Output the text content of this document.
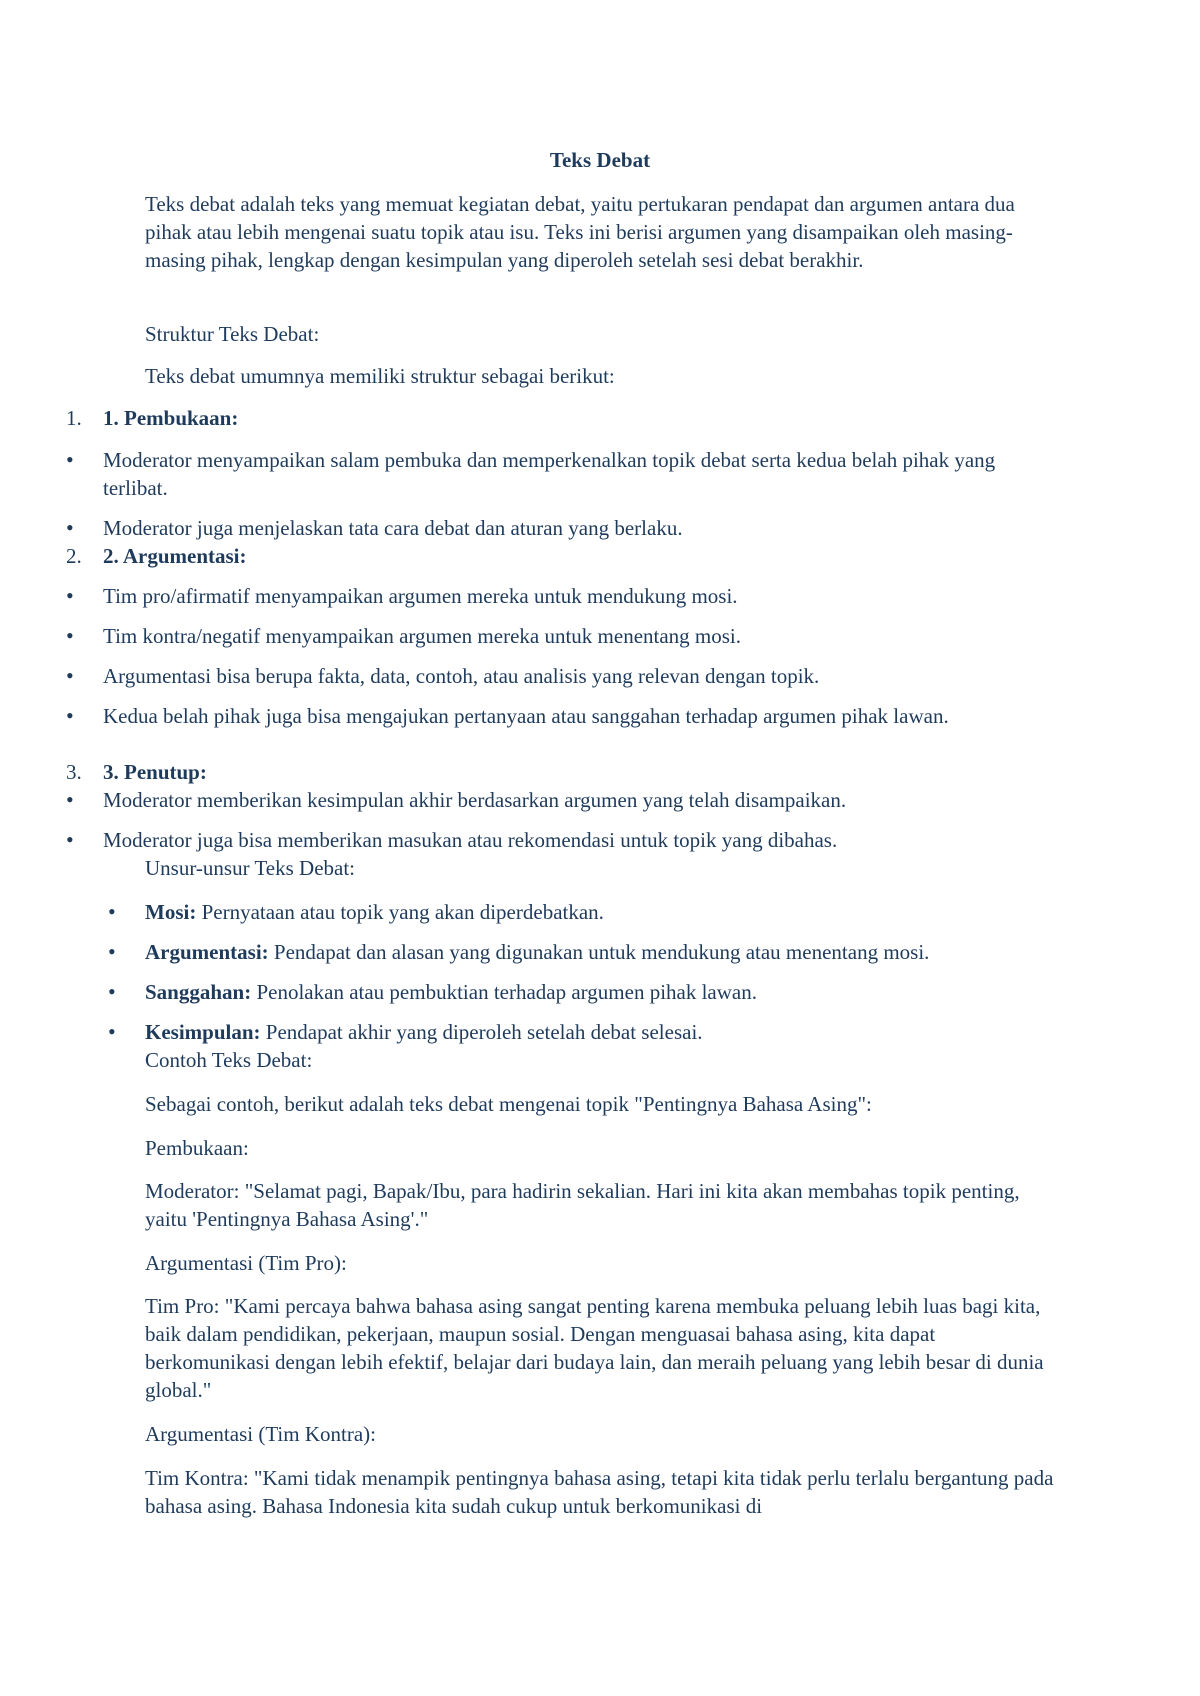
Teks Debat

Teks debat adalah teks yang memuat kegiatan debat, yaitu pertukaran pendapat dan argumen antara dua pihak atau lebih mengenai suatu topik atau isu. Teks ini berisi argumen yang disampaikan oleh masing-masing pihak, lengkap dengan kesimpulan yang diperoleh setelah sesi debat berakhir.

Struktur Teks Debat:

Teks debat umumnya memiliki struktur sebagai berikut:

1. 1. Pembukaan:
• Moderator menyampaikan salam pembuka dan memperkenalkan topik debat serta kedua belah pihak yang terlibat.
• Moderator juga menjelaskan tata cara debat dan aturan yang berlaku.
2. 2. Argumentasi:
• Tim pro/afirmatif menyampaikan argumen mereka untuk mendukung mosi.
• Tim kontra/negatif menyampaikan argumen mereka untuk menentang mosi.
• Argumentasi bisa berupa fakta, data, contoh, atau analisis yang relevan dengan topik.
• Kedua belah pihak juga bisa mengajukan pertanyaan atau sanggahan terhadap argumen pihak lawan.
3. 3. Penutup:
• Moderator memberikan kesimpulan akhir berdasarkan argumen yang telah disampaikan.
• Moderator juga bisa memberikan masukan atau rekomendasi untuk topik yang dibahas.

Unsur-unsur Teks Debat:

• Mosi: Pernyataan atau topik yang akan diperdebatkan.
• Argumentasi: Pendapat dan alasan yang digunakan untuk mendukung atau menentang mosi.
• Sanggahan: Penolakan atau pembuktian terhadap argumen pihak lawan.
• Kesimpulan: Pendapat akhir yang diperoleh setelah debat selesai.

Contoh Teks Debat:

Sebagai contoh, berikut adalah teks debat mengenai topik "Pentingnya Bahasa Asing":

Pembukaan:

Moderator: "Selamat pagi, Bapak/Ibu, para hadirin sekalian. Hari ini kita akan membahas topik penting, yaitu 'Pentingnya Bahasa Asing'."

Argumentasi (Tim Pro):

Tim Pro: "Kami percaya bahwa bahasa asing sangat penting karena membuka peluang lebih luas bagi kita, baik dalam pendidikan, pekerjaan, maupun sosial. Dengan menguasai bahasa asing, kita dapat berkomunikasi dengan lebih efektif, belajar dari budaya lain, dan meraih peluang yang lebih besar di dunia global."

Argumentasi (Tim Kontra):

Tim Kontra: "Kami tidak menampik pentingnya bahasa asing, tetapi kita tidak perlu terlalu bergantung pada bahasa asing. Bahasa Indonesia kita sudah cukup untuk berkomunikasi di
